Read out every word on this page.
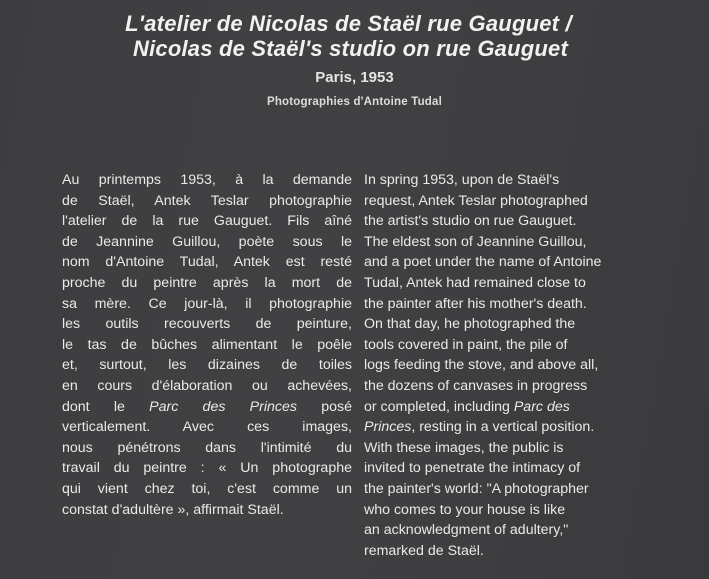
L'atelier de Nicolas de Staël rue Gauguet /
Nicolas de Staël's studio on rue Gauguet
Paris, 1953
Photographies d'Antoine Tudal
Au printemps 1953, à la demande
de Staël, Antek Teslar photographie
l'atelier de la rue Gauguet. Fils aîné
de Jeannine Guillou, poète sous le
nom d'Antoine Tudal, Antek est resté
proche du peintre après la mort de
sa mère. Ce jour-là, il photographie
les outils recouverts de peinture,
le tas de bûches alimentant le poêle
et, surtout, les dizaines de toiles
en cours d'élaboration ou achevées,
dont le Parc des Princes posé
verticalement. Avec ces images,
nous pénétrons dans l'intimité du
travail du peintre : « Un photographe
qui vient chez toi, c'est comme un
constat d'adultère », affirmait Staël.
In spring 1953, upon de Staël's
request, Antek Teslar photographed
the artist's studio on rue Gauguet.
The eldest son of Jeannine Guillou,
and a poet under the name of Antoine
Tudal, Antek had remained close to
the painter after his mother's death.
On that day, he photographed the
tools covered in paint, the pile of
logs feeding the stove, and above all,
the dozens of canvases in progress
or completed, including Parc des
Princes, resting in a vertical position.
With these images, the public is
invited to penetrate the intimacy of
the painter's world: "A photographer
who comes to your house is like
an acknowledgment of adultery,"
remarked de Staël.
